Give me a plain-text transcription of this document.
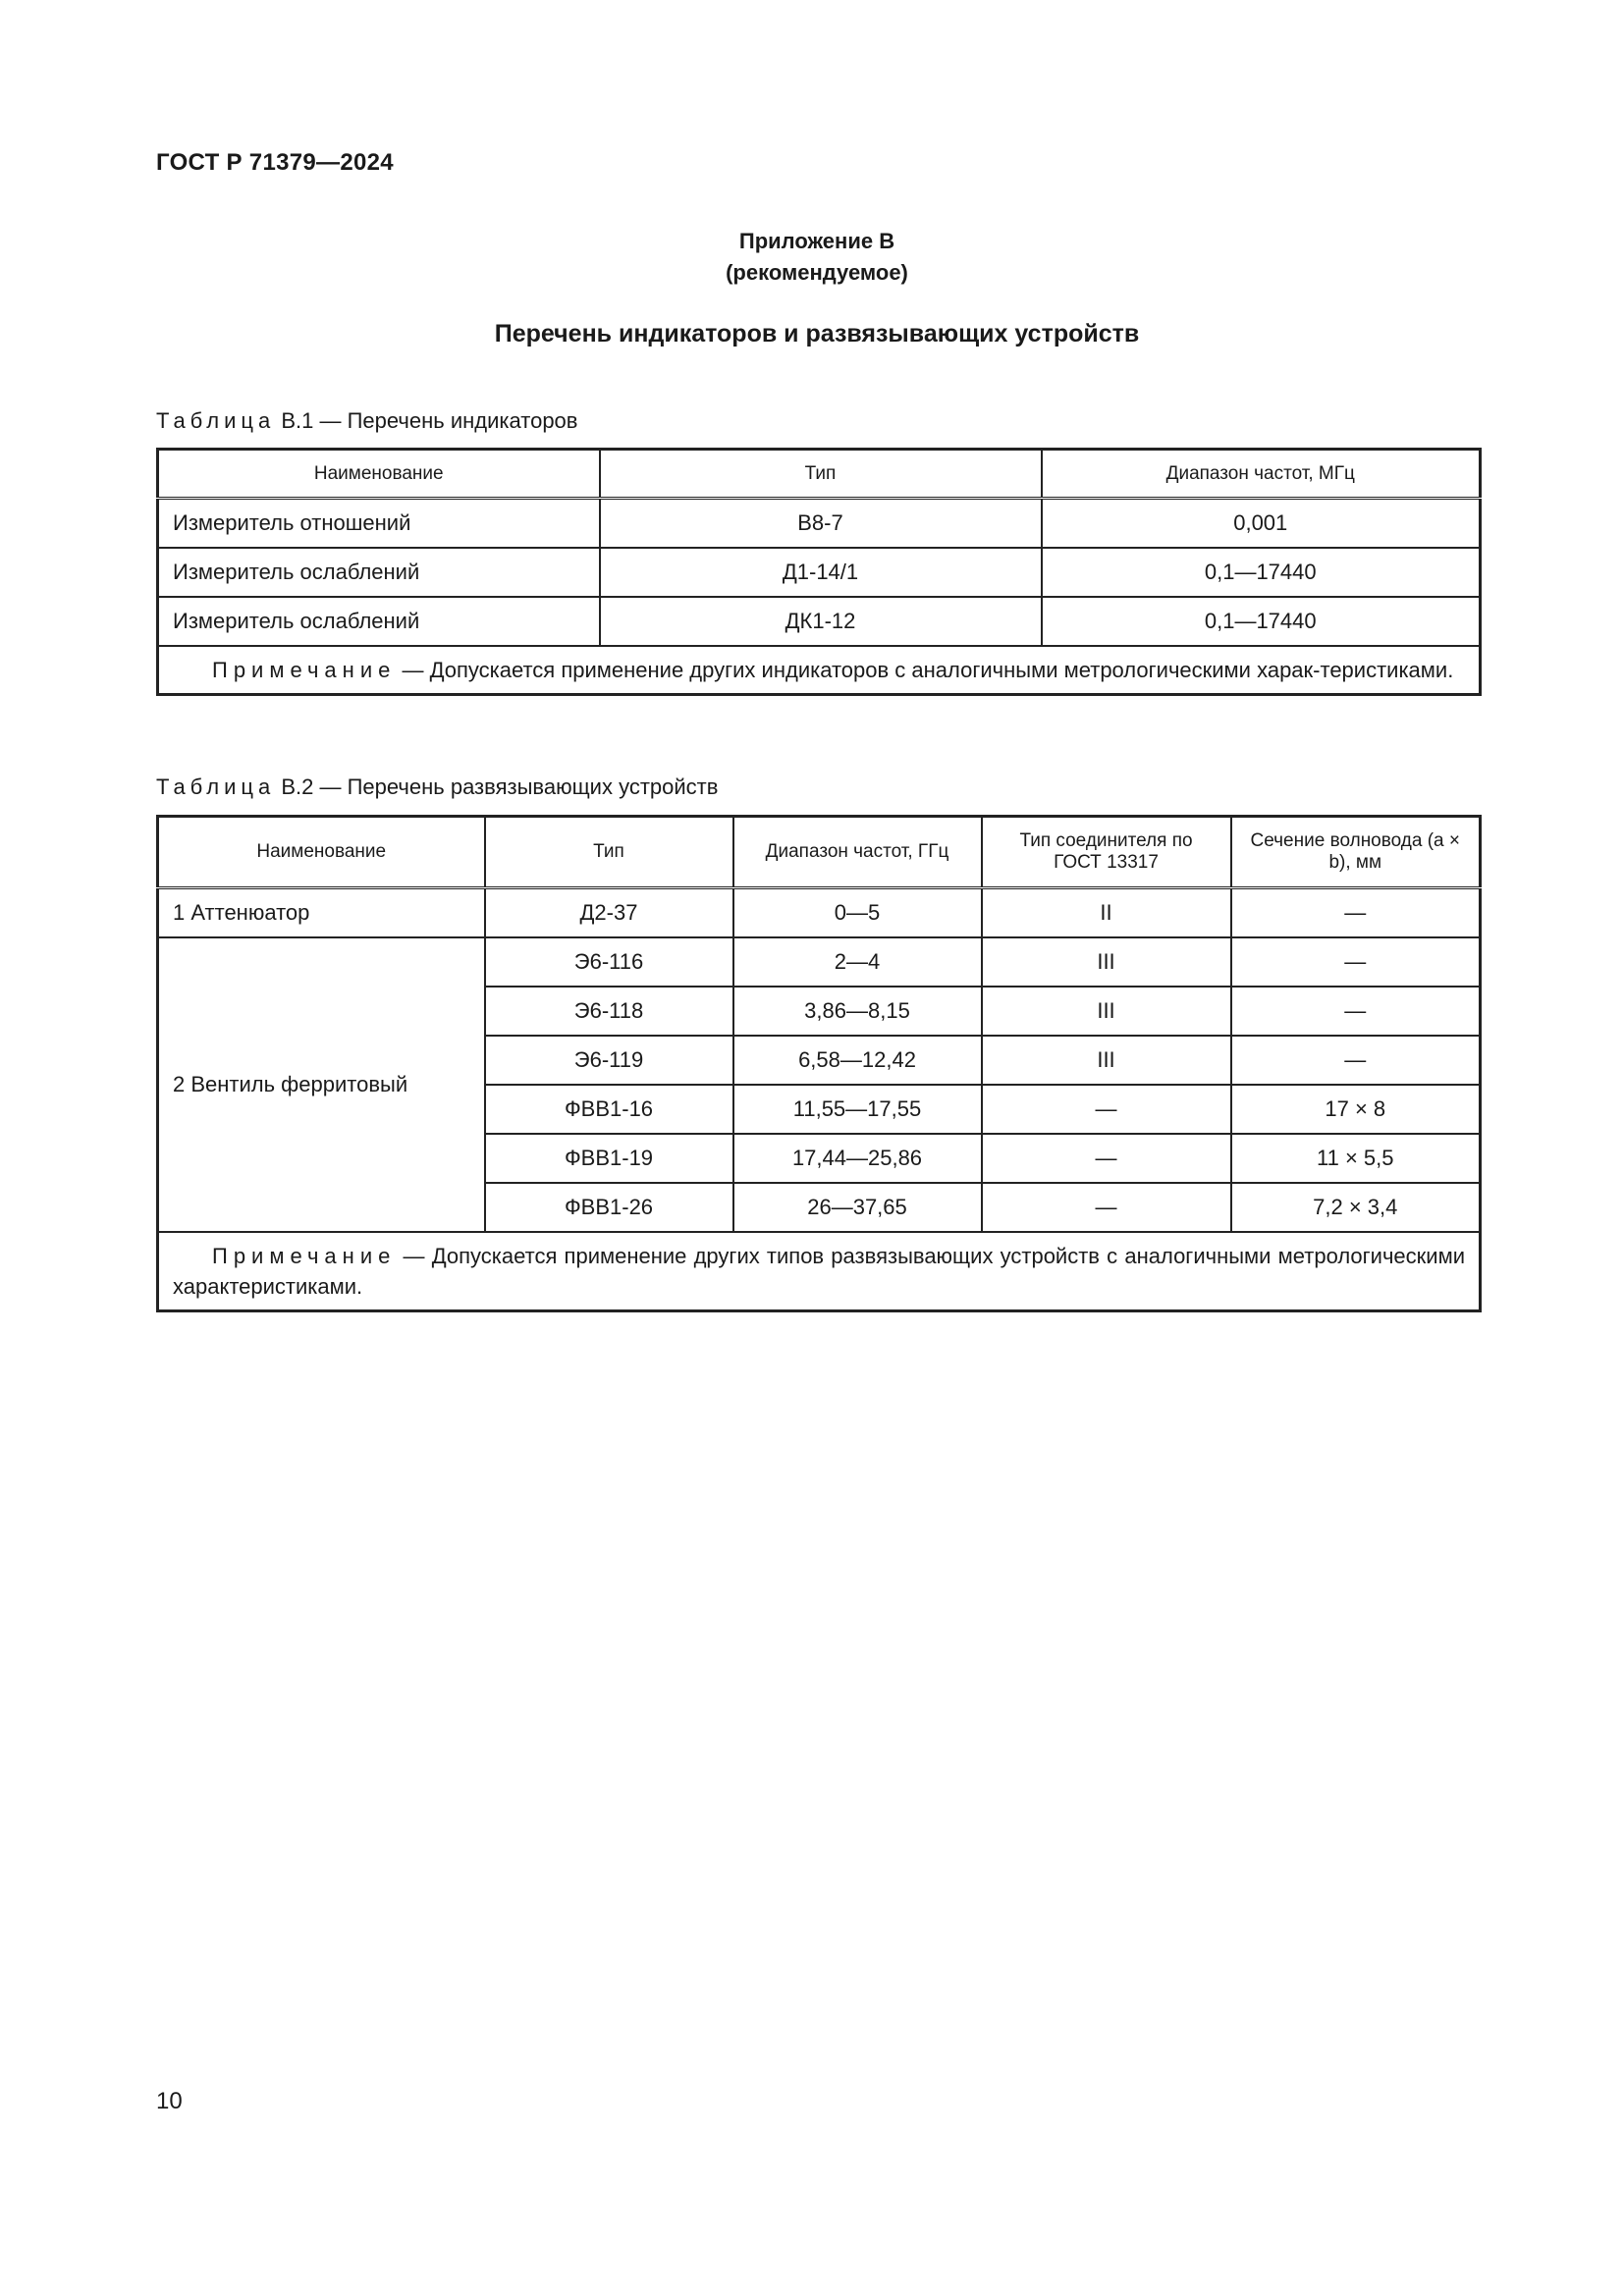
ГОСТ Р 71379—2024
Приложение В
(рекомендуемое)
Перечень индикаторов и развязывающих устройств
Таблица В.1 — Перечень индикаторов
Наименование	Тип	Диапазон частот, МГц
Измеритель отношений	В8-7	0,001
Измеритель ослаблений	Д1-14/1	0,1—17440
Измеритель ослаблений	ДК1-12	0,1—17440
Примечание — Допускается применение других индикаторов с аналогичными метрологическими харак-теристиками.		
Таблица В.2 — Перечень развязывающих устройств
Наименование	Тип	Диапазон частот, ГГц	Тип соединителя по ГОСТ 13317	Сечение волновода (a × b), мм
1 Аттенюатор	Д2-37	0—5	II	—
2 Вентиль ферритовый	Э6-116	2—4	III	—
	Э6-118	3,86—8,15	III	—
	Э6-119	6,58—12,42	III	—
	ФВВ1-16	11,55—17,55	—	17 × 8
	ФВВ1-19	17,44—25,86	—	11 × 5,5
	ФВВ1-26	26—37,65	—	7,2 × 3,4
Примечание — Допускается применение других типов развязывающих устройств с аналогичными метрологическими характеристиками.				
10
